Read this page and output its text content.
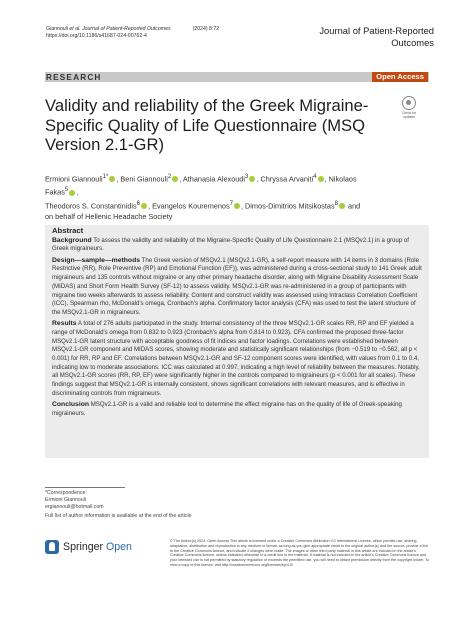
Giannouli et al. Journal of Patient-Reported Outcomes	(2024) 8:72
https://doi.org/10.1186/s41687-024-00762-4	Journal of Patient-Reported
Outcomes
RESEARCH	Open Access
Validity and reliability of the Greek Migraine-
Specific Quality of Life Questionnaire (MSQ
Version 2.1-GR)
Check for updates
Ermioni Giannouli$^{1*}$ , Beni Giannouli$^2$ , Athanasia Alexoudi$^3$ , Chryssa Arvaniti$^4$ , Nikolaos Fakas$^5$ ,
Theodoros S. Constantinidis$^6$ , Evangelos Kouremenos$^7$ , Dimos-Dimitrios Mitsikostas$^8$ and
on behalf of Hellenic Headache Society
Abstract

Background To assess the validity and reliability of the Migraine-Specific Quality of Life Questionnaire 2.1 (MSQv2.1) in a group of Greek migraineurs.

Design—sample—methods The Greek version of MSQv2.1 (MSQv2.1-GR), a self-report measure with 14 items in 3 domains (Role Restrictive (RR), Role Preventive (RP) and Emotional Function (EF)), was administered during a cross-sectional study to 141 Greek adult migraineurs and 135 controls without migraine or any other primary headache disorder, along with Migraine Disability Assessment Scale (MIDAS) and Short Form Health Survey (SF-12) to assess validity. MSQv2.1-GR was re-administered in a group of participants with migraine two weeks afterwards to assess reliability. Content and construct validity was assessed using Intraclass Correlation Coefficient (ICC), Spearman rho, McDonald's omega, Cronbach's alpha. Confirmatory factor analysis (CFA) was used to test the latent structure of the MSQv2.1-GR in migraineurs.

Results A total of 276 adults participated in the study. Internal consistency of the three MSQv2.1-GR scales RR, RP and EF yielded a range of McDonald's omega from 0.832 to 0.923 (Cronbach's alpha from 0.814 to 0.923). CFA confirmed the proposed three-factor MSQv2.1-GR latent structure with acceptable goodness of fit indices and factor loadings. Correlations were established between MSQv2.1-GR component and MIDAS scores, showing moderate and statistically significant relationships (from −0.519 to −0.562, all p < 0.001) for RR, RP and EF. Correlations between MSQv2.1-GR and SF-12 component scores were identified, with values from 0.1 to 0.4, indicating low to moderate associations. ICC was calculated at 0.997, indicating a high level of reliability between the measures. Notably, all MSQv2.1-GR scores (RR, RP, EF) were significantly higher in the controls compared to migraineurs (p < 0.001 for all scales). These findings suggest that MSQv2.1-GR is internally consistent, shows significant correlations with relevant measures, and is effective in discriminating controls from migraineurs.

Conclusion MSQv2.1-GR is a valid and reliable tool to determine the effect migraine has on the quality of life of Greek-speaking migraineurs.

*Correspondence:
Ermioni Giannouli
ergiannouli@hotmail.com
Full list of author information is available at the end of the article
Springer Open	© The Author(s) 2024. Open Access This article is licensed under a Creative Commons Attribution 4.0 International License, which permits use, sharing, adaptation, distribution and reproduction in any medium or format, as long as you give appropriate credit to the original author(s) and the source, provide a link to the Creative Commons licence, and indicate if changes were made. The images or other third party material in this article are included in the article's Creative Commons licence, unless indicated otherwise in a credit line to the material. If material is not included in the article's Creative Commons licence and your intended use is not permitted by statutory regulation or exceeds the permitted use, you will need to obtain permission directly from the copyright holder. To view a copy of this licence, visit http://creativecommons.org/licenses/by/4.0/.
